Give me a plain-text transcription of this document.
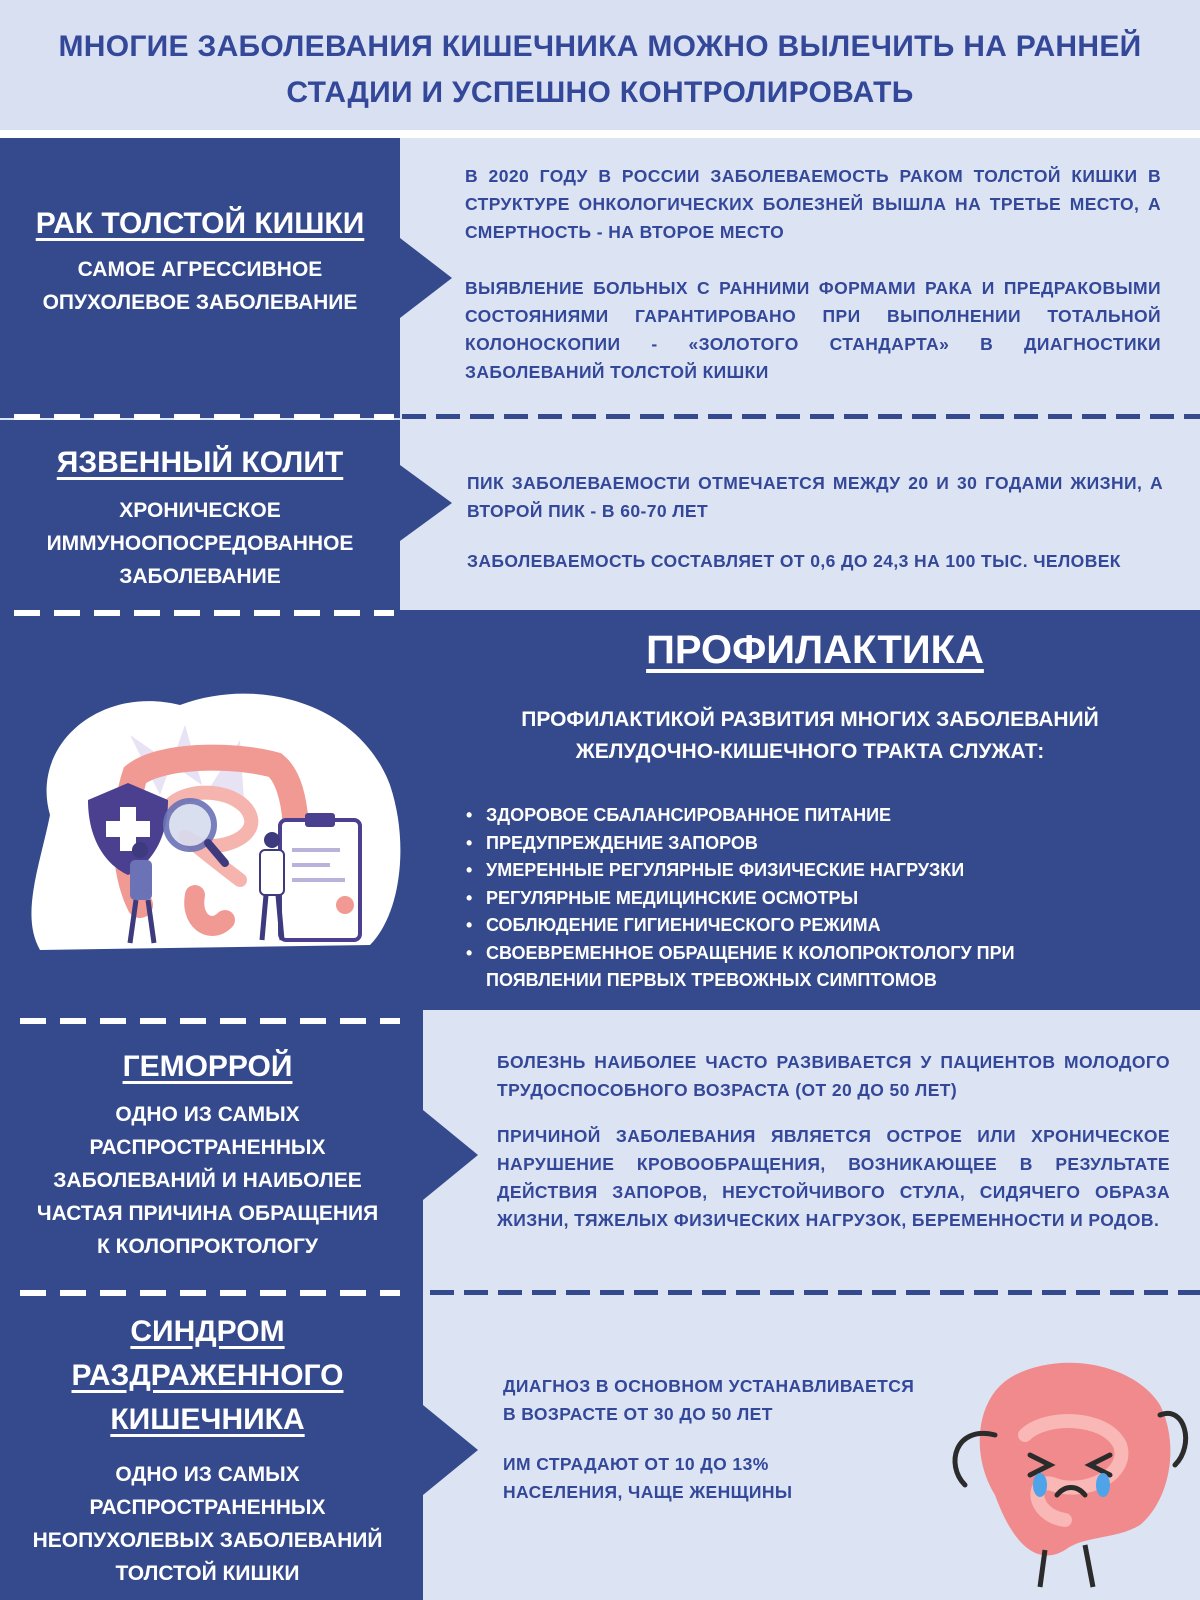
МНОГИЕ ЗАБОЛЕВАНИЯ КИШЕЧНИКА МОЖНО ВЫЛЕЧИТЬ НА РАННЕЙ
СТАДИИ И УСПЕШНО КОНТРОЛИРОВАТЬ
РАК ТОЛСТОЙ КИШКИ
САМОЕ АГРЕССИВНОЕ
ОПУХОЛЕВОЕ ЗАБОЛЕВАНИЕ

В 2020 ГОДУ В РОССИИ ЗАБОЛЕВАЕМОСТЬ РАКОМ ТОЛСТОЙ КИШКИ В СТРУКТУРЕ ОНКОЛОГИЧЕСКИХ БОЛЕЗНЕЙ ВЫШЛА НА ТРЕТЬЕ МЕСТО, А СМЕРТНОСТЬ - НА ВТОРОЕ МЕСТО

ВЫЯВЛЕНИЕ БОЛЬНЫХ С РАННИМИ ФОРМАМИ РАКА И ПРЕДРАКОВЫМИ СОСТОЯНИЯМИ ГАРАНТИРОВАНО ПРИ ВЫПОЛНЕНИИ ТОТАЛЬНОЙ КОЛОНОСКОПИИ - «ЗОЛОТОГО СТАНДАРТА» В ДИАГНОСТИКИ ЗАБОЛЕВАНИЙ ТОЛСТОЙ КИШКИ

ЯЗВЕННЫЙ КОЛИТ
ХРОНИЧЕСКОЕ
ИММУНООПОСРЕДОВАННОЕ
ЗАБОЛЕВАНИЕ

ПИК ЗАБОЛЕВАЕМОСТИ ОТМЕЧАЕТСЯ МЕЖДУ 20 И 30 ГОДАМИ ЖИЗНИ, А ВТОРОЙ ПИК - В 60-70 ЛЕТ

ЗАБОЛЕВАЕМОСТЬ СОСТАВЛЯЕТ ОТ 0,6 ДО 24,3 НА 100 ТЫС. ЧЕЛОВЕК

+
+
ПРОФИЛАКТИКА
ПРОФИЛАКТИКОЙ РАЗВИТИЯ МНОГИХ ЗАБОЛЕВАНИЙ
ЖЕЛУДОЧНО-КИШЕЧНОГО ТРАКТА СЛУЖАТ:
• ЗДОРОВОЕ СБАЛАНСИРОВАННОЕ ПИТАНИЕ
• ПРЕДУПРЕЖДЕНИЕ ЗАПОРОВ
• УМЕРЕННЫЕ РЕГУЛЯРНЫЕ ФИЗИЧЕСКИЕ НАГРУЗКИ
• РЕГУЛЯРНЫЕ МЕДИЦИНСКИЕ ОСМОТРЫ
• СОБЛЮДЕНИЕ ГИГИЕНИЧЕСКОГО РЕЖИМА
• СВОЕВРЕМЕННОЕ ОБРАЩЕНИЕ К КОЛОПРОКТОЛОГУ ПРИ ПОЯВЛЕНИИ ПЕРВЫХ ТРЕВОЖНЫХ СИМПТОМОВ
ГЕМОРРОЙ
ОДНО ИЗ САМЫХ
РАСПРОСТРАНЕННЫХ
ЗАБОЛЕВАНИЙ И НАИБОЛЕЕ
ЧАСТАЯ ПРИЧИНА ОБРАЩЕНИЯ
К КОЛОПРОКТОЛОГУ

БОЛЕЗНЬ НАИБОЛЕЕ ЧАСТО РАЗВИВАЕТСЯ У ПАЦИЕНТОВ МОЛОДОГО ТРУДОСПОСОБНОГО ВОЗРАСТА (ОТ 20 ДО 50 ЛЕТ)

ПРИЧИНОЙ ЗАБОЛЕВАНИЯ ЯВЛЯЕТСЯ ОСТРОЕ ИЛИ ХРОНИЧЕСКОЕ НАРУШЕНИЕ КРОВООБРАЩЕНИЯ, ВОЗНИКАЮЩЕЕ В РЕЗУЛЬТАТЕ ДЕЙСТВИЯ ЗАПОРОВ, НЕУСТОЙЧИВОГО СТУЛА, СИДЯЧЕГО ОБРАЗА ЖИЗНИ, ТЯЖЕЛЫХ ФИЗИЧЕСКИХ НАГРУЗОК, БЕРЕМЕННОСТИ И РОДОВ.

СИНДРОМ
РАЗДРАЖЕННОГО
КИШЕЧНИКА
ОДНО ИЗ САМЫХ
РАСПРОСТРАНЕННЫХ
НЕОПУХОЛЕВЫХ ЗАБОЛЕВАНИЙ
ТОЛСТОЙ КИШКИ
ДИАГНОЗ В ОСНОВНОМ УСТАНАВЛИВАЕТСЯ
В ВОЗРАСТЕ ОТ 30 ДО 50 ЛЕТ
ИМ СТРАДАЮТ ОТ 10 ДО 13%
НАСЕЛЕНИЯ, ЧАЩЕ ЖЕНЩИНЫ
